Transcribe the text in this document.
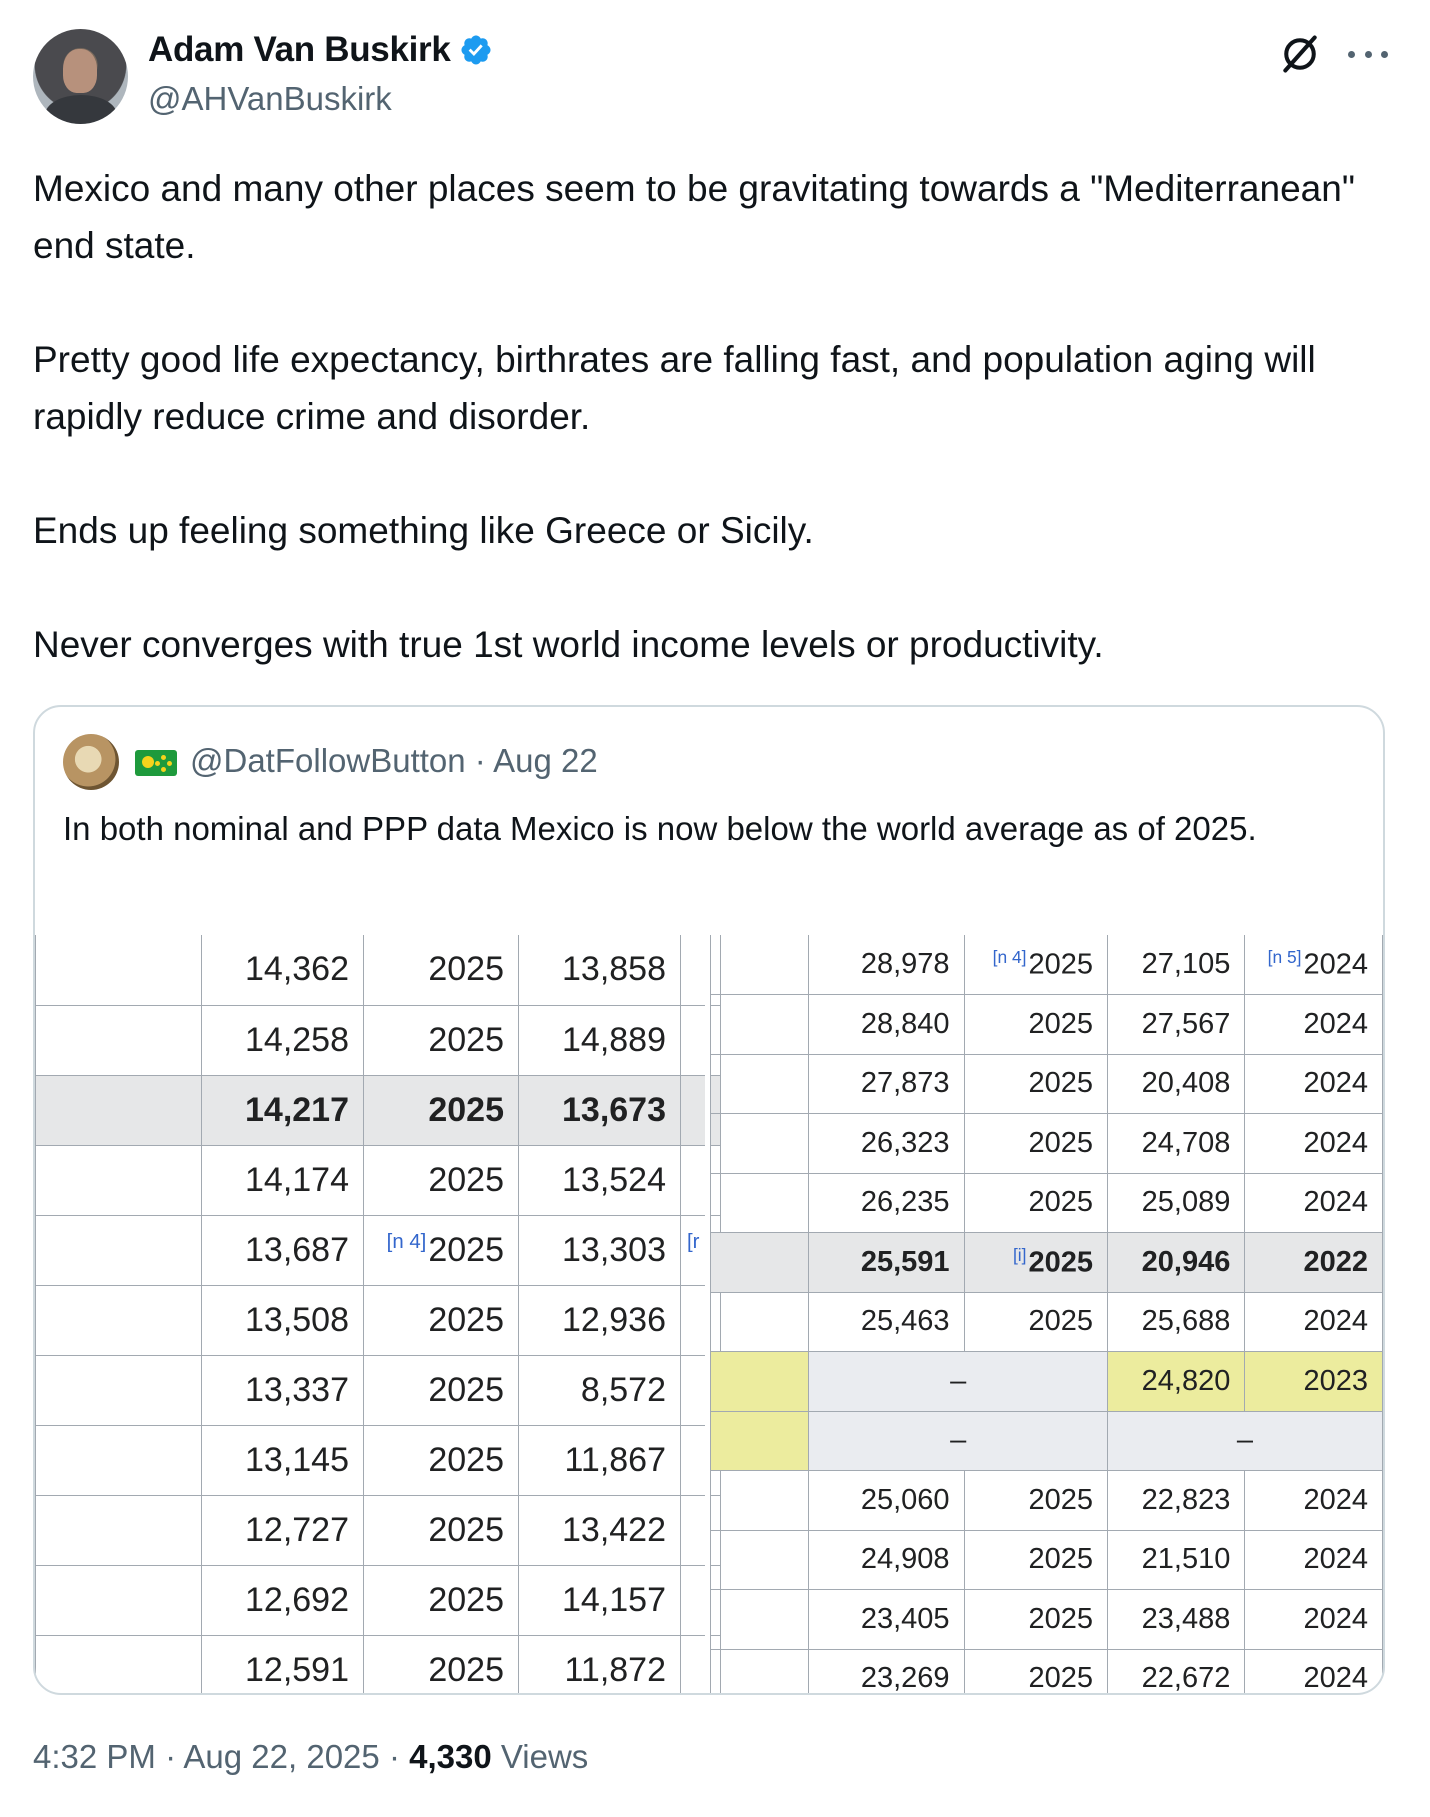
Adam Van Buskirk
@AHVanBuskirk

Mexico and many other places seem to be gravitating towards a "Mediterranean" end state.

Pretty good life expectancy, birthrates are falling fast, and population aging will rapidly reduce crime and disorder.

Ends up feeling something like Greece or Sicily.

Never converges with true 1st world income levels or productivity.

@DatFollowButton · Aug 22
In both nominal and PPP data Mexico is now below the world average as of 2025.
	14,362	2025	13,858	
	14,258	2025	14,889	
	14,217	2025	13,673	
	14,174	2025	13,524	
	13,687	[n 4]2025	13,303	$^{[r}$
	13,508	2025	12,936	
	13,337	2025	8,572	
	13,145	2025	11,867	
	12,727	2025	13,422	
	12,692	2025	14,157	
	12,591	2025	11,872	
	28,978	[n 4]2025	27,105	[n 5]2024
	28,840	2025	27,567	2024
	27,873	2025	20,408	2024
	26,323	2025	24,708	2024
	26,235	2025	25,089	2024
	25,591	[i]2025	20,946	2022
	25,463	2025	25,688	2024
	–		24,820	2023
	–		–	
	25,060	2025	22,823	2024
	24,908	2025	21,510	2024
	23,405	2025	23,488	2024
	23,269	2025	22,672	2024
4:32 PM · Aug 22, 2025 · 4,330 Views
